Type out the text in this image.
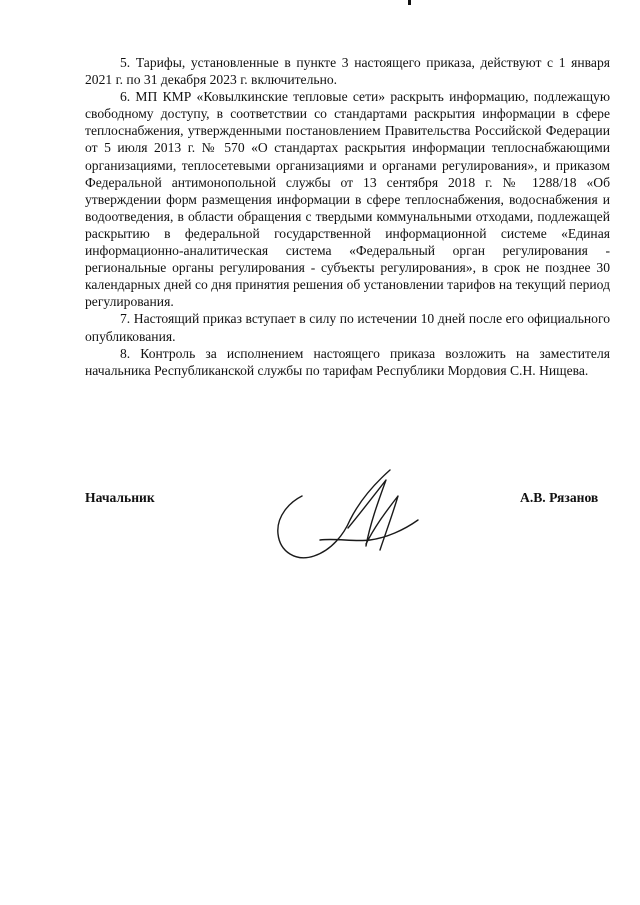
5. Тарифы, установленные в пункте 3 настоящего приказа, действуют с 1 января 2021 г. по 31 декабря 2023 г. включительно.

6. МП КМР «Ковылкинские тепловые сети» раскрыть информацию, подлежащую свободному доступу, в соответствии со стандартами раскрытия информации в сфере теплоснабжения, утвержденными постановлением Правительства Российской Федерации от 5 июля 2013 г. № 570 «О стандартах раскрытия информации теплоснабжающими организациями, теплосетевыми организациями и органами регулирования», и приказом Федеральной антимонопольной службы от 13 сентября 2018 г. № 1288/18 «Об утверждении форм размещения информации в сфере теплоснабжения, водоснабжения и водоотведения, в области обращения с твердыми коммунальными отходами, подлежащей раскрытию в федеральной государственной информационной системе «Единая информационно-аналитическая система «Федеральный орган регулирования - региональные органы регулирования - субъекты регулирования», в срок не позднее 30 календарных дней со дня принятия решения об установлении тарифов на текущий период регулирования.

7. Настоящий приказ вступает в силу по истечении 10 дней после его официального опубликования.

8. Контроль за исполнением настоящего приказа возложить на заместителя начальника Республиканской службы по тарифам Республики Мордовия С.Н. Нищева.

Начальник	А.В. Рязанов
